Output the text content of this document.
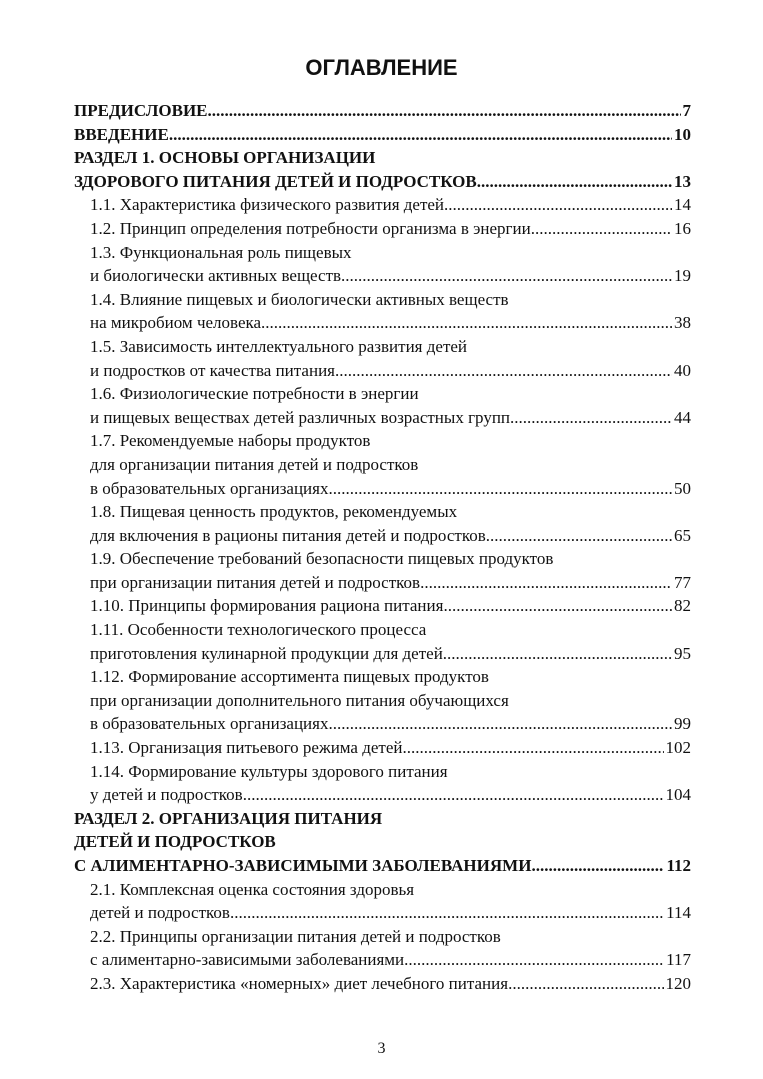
ОГЛАВЛЕНИЕ
ПРЕДИСЛОВИЕ .....	7
ВВЕДЕНИЕ .....	10
РАЗДЕЛ 1. ОСНОВЫ ОРГАНИЗАЦИИ
ЗДОРОВОГО ПИТАНИЯ ДЕТЕЙ И ПОДРОСТКОВ .....	13
1.1. Характеристика физического развития детей .....	14
1.2. Принцип определения потребности организма в энергии .....	16
1.3. Функциональная роль пищевых
и биологически активных веществ .....	19
1.4. Влияние пищевых и биологически активных веществ
на микробиом человека .....	38
1.5. Зависимость интеллектуального развития детей
и подростков от качества питания .....	40
1.6. Физиологические потребности в энергии
и пищевых веществах детей различных возрастных групп .....	44
1.7. Рекомендуемые наборы продуктов
для организации питания детей и подростков
в образовательных организациях .....	50
1.8. Пищевая ценность продуктов, рекомендуемых
для включения в рационы питания детей и подростков .....	65
1.9. Обеспечение требований безопасности пищевых продуктов
при организации питания детей и подростков .....	77
1.10. Принципы формирования рациона питания .....	82
1.11. Особенности технологического процесса
приготовления кулинарной продукции для детей .....	95
1.12. Формирование ассортимента пищевых продуктов
при организации дополнительного питания обучающихся
в образовательных организациях .....	99
1.13. Организация питьевого режима детей .....	102
1.14. Формирование культуры здорового питания
у детей и подростков .....	104
РАЗДЕЛ 2. ОРГАНИЗАЦИЯ ПИТАНИЯ
ДЕТЕЙ И ПОДРОСТКОВ
С АЛИМЕНТАРНО-ЗАВИСИМЫМИ ЗАБОЛЕВАНИЯМИ .....	112
2.1. Комплексная оценка состояния здоровья
детей и подростков .....	114
2.2. Принципы организации питания детей и подростков
с алиментарно-зависимыми заболеваниями .....	117
2.3. Характеристика «номерных» диет лечебного питания .....	120
3
